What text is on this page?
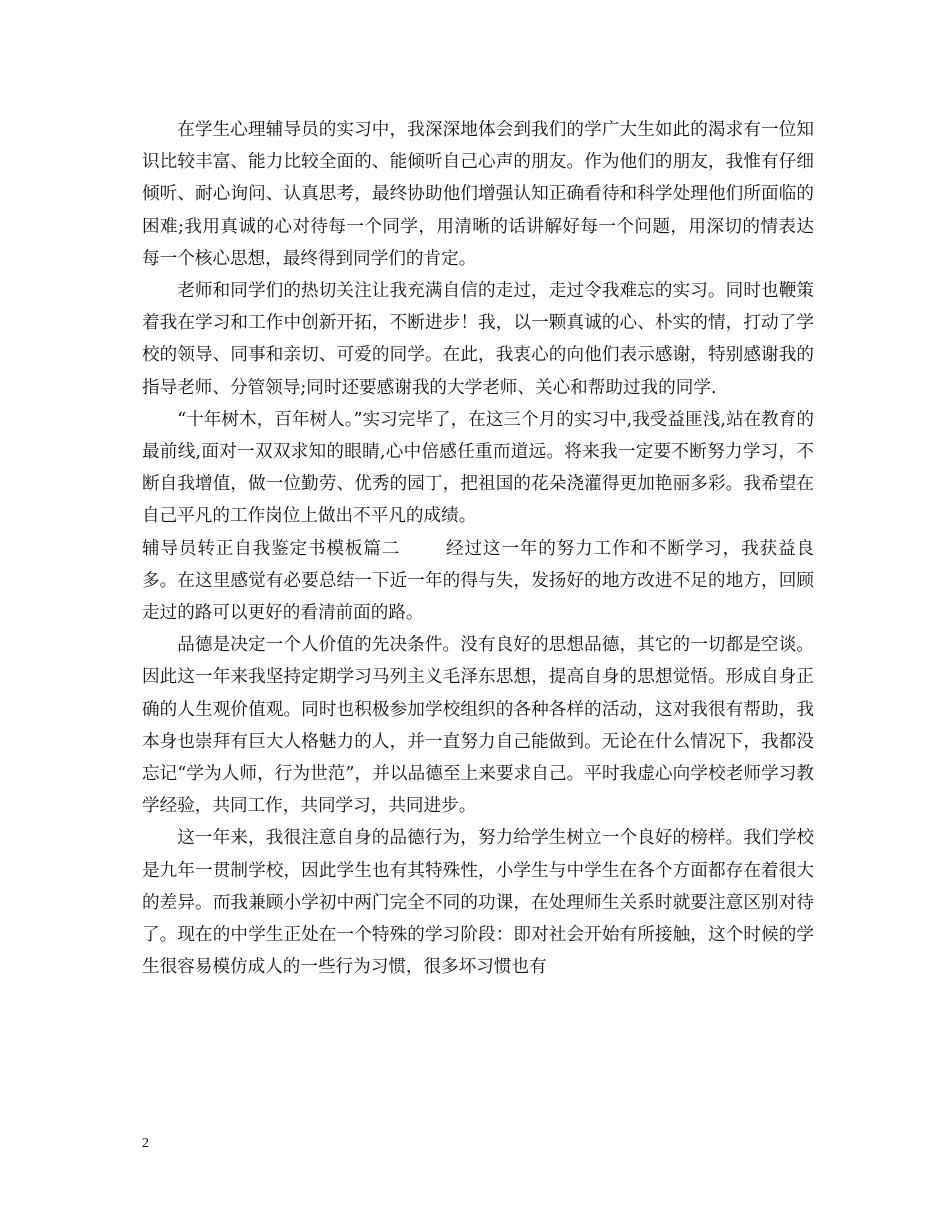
在学生心理辅导员的实习中，我深深地体会到我们的学广大生如此的渴求有一位知识比较丰富、能力比较全面的、能倾听自己心声的朋友。作为他们的朋友，我惟有仔细倾听、耐心询问、认真思考，最终协助他们增强认知正确看待和科学处理他们所面临的困难;我用真诚的心对待每一个同学，用清晰的话讲解好每一个问题，用深切的情表达每一个核心思想，最终得到同学们的肯定。

老师和同学们的热切关注让我充满自信的走过，走过令我难忘的实习。同时也鞭策着我在学习和工作中创新开拓，不断进步！我，以一颗真诚的心、朴实的情，打动了学校的领导、同事和亲切、可爱的同学。在此，我衷心的向他们表示感谢，特别感谢我的指导老师、分管领导;同时还要感谢我的大学老师、关心和帮助过我的同学.

“十年树木，百年树人。”实习完毕了，在这三个月的实习中,我受益匪浅,站在教育的最前线,面对一双双求知的眼睛,心中倍感任重而道远。将来我一定要不断努力学习，不断自我增值，做一位勤劳、优秀的园丁，把祖国的花朵浇灌得更加艳丽多彩。我希望在自己平凡的工作岗位上做出不平凡的成绩。

辅导员转正自我鉴定书模板篇二	经过这一年的努力工作和不断学习，我获益良多。在这里感觉有必要总结一下近一年的得与失，发扬好的地方改进不足的地方，回顾走过的路可以更好的看清前面的路。

品德是决定一个人价值的先决条件。没有良好的思想品德，其它的一切都是空谈。因此这一年来我坚持定期学习马列主义毛泽东思想，提高自身的思想觉悟。形成自身正确的人生观价值观。同时也积极参加学校组织的各种各样的活动，这对我很有帮助，我本身也崇拜有巨大人格魅力的人，并一直努力自己能做到。无论在什么情况下，我都没忘记“学为人师，行为世范”，并以品德至上来要求自己。平时我虚心向学校老师学习教学经验，共同工作，共同学习，共同进步。

这一年来，我很注意自身的品德行为，努力给学生树立一个良好的榜样。我们学校是九年一贯制学校，因此学生也有其特殊性，小学生与中学生在各个方面都存在着很大的差异。而我兼顾小学初中两门完全不同的功课，在处理师生关系时就要注意区别对待了。现在的中学生正处在一个特殊的学习阶段：即对社会开始有所接触，这个时候的学生很容易模仿成人的一些行为习惯，很多坏习惯也有

2
